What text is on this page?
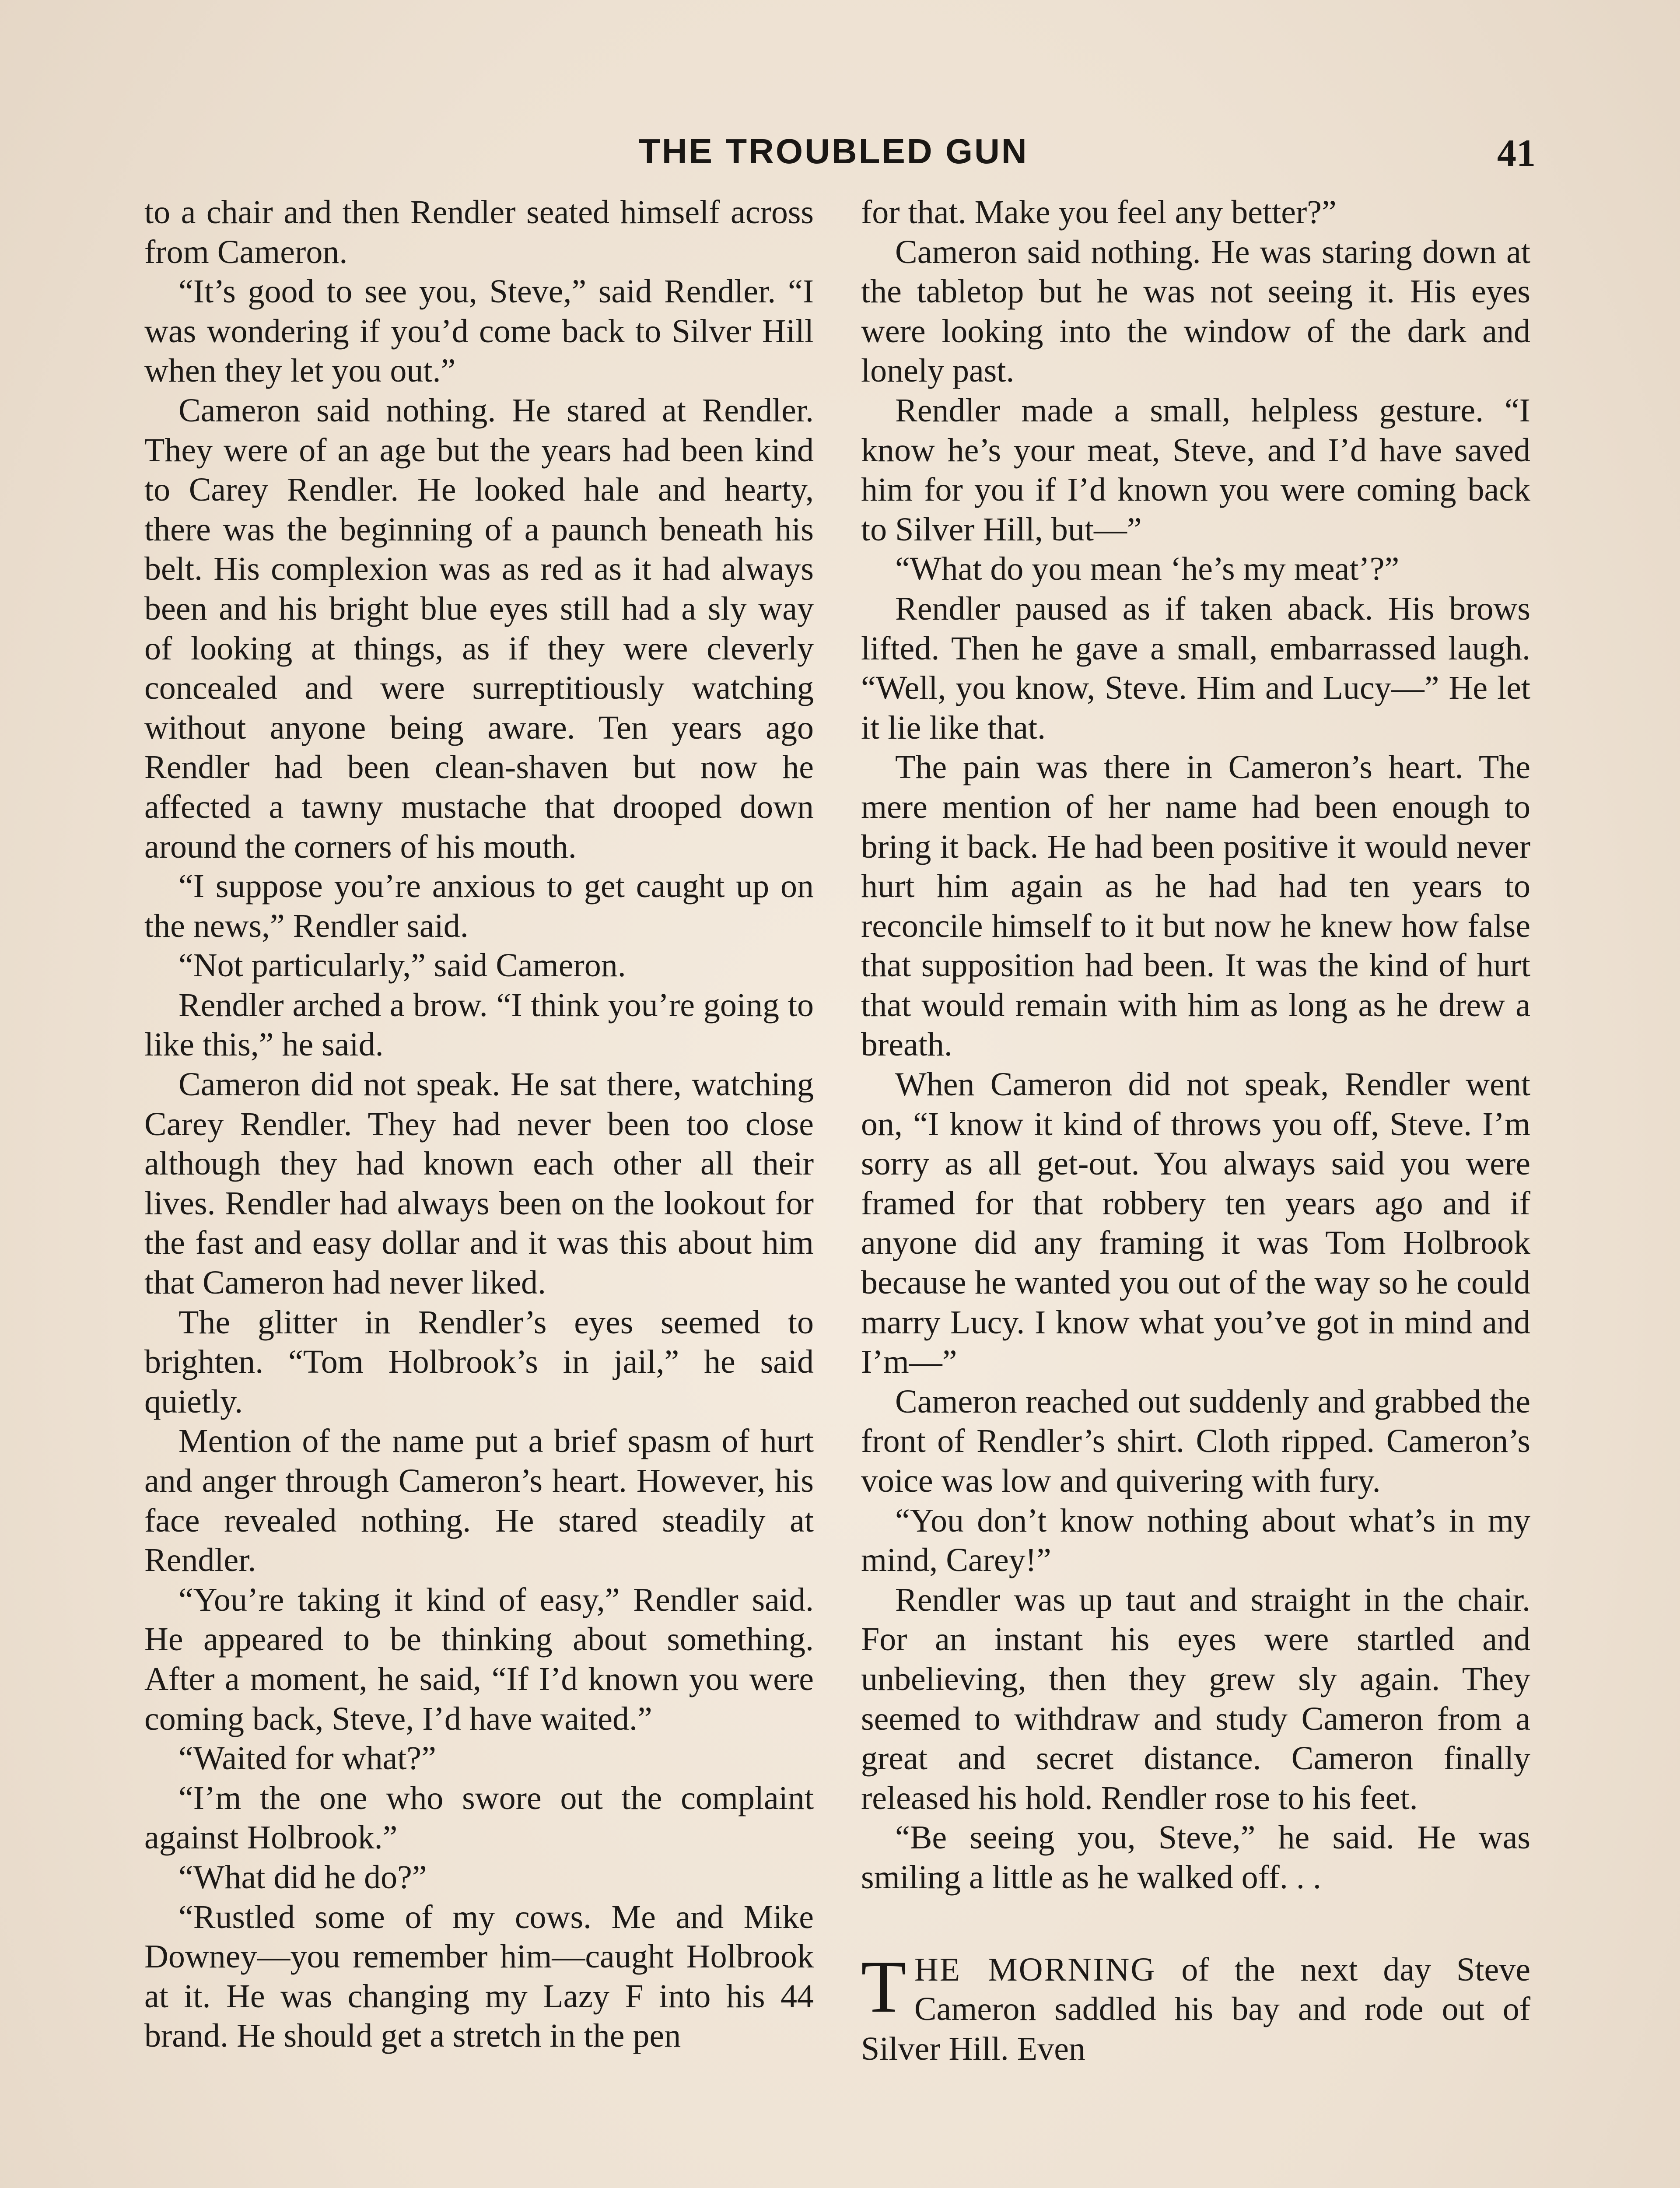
THE TROUBLED GUN	41

to a chair and then Rendler seated himself across from Cameron.

“It’s good to see you, Steve,” said Rendler. “I was wondering if you’d come back to Silver Hill when they let you out.”

Cameron said nothing. He stared at Rendler. They were of an age but the years had been kind to Carey Rendler. He looked hale and hearty, there was the beginning of a paunch beneath his belt. His complexion was as red as it had always been and his bright blue eyes still had a sly way of looking at things, as if they were cleverly concealed and were surreptitiously watching without anyone being aware. Ten years ago Rendler had been clean-shaven but now he affected a tawny mustache that drooped down around the corners of his mouth.

“I suppose you’re anxious to get caught up on the news,” Rendler said.

“Not particularly,” said Cameron.

Rendler arched a brow. “I think you’re going to like this,” he said.

Cameron did not speak. He sat there, watching Carey Rendler. They had never been too close although they had known each other all their lives. Rendler had always been on the lookout for the fast and easy dollar and it was this about him that Cameron had never liked.

The glitter in Rendler’s eyes seemed to brighten. “Tom Holbrook’s in jail,” he said quietly.

Mention of the name put a brief spasm of hurt and anger through Cameron’s heart. However, his face revealed nothing. He stared steadily at Rendler.

“You’re taking it kind of easy,” Rendler said. He appeared to be thinking about something. After a moment, he said, “If I’d known you were coming back, Steve, I’d have waited.”

“Waited for what?”

“I’m the one who swore out the complaint against Holbrook.”

“What did he do?”

“Rustled some of my cows. Me and Mike Downey—you remember him—caught Holbrook at it. He was changing my Lazy F into his 44 brand. He should get a stretch in the pen

for that. Make you feel any better?”

Cameron said nothing. He was staring down at the tabletop but he was not seeing it. His eyes were looking into the window of the dark and lonely past.

Rendler made a small, helpless gesture. “I know he’s your meat, Steve, and I’d have saved him for you if I’d known you were coming back to Silver Hill, but—”

“What do you mean ‘he’s my meat’?”

Rendler paused as if taken aback. His brows lifted. Then he gave a small, embarrassed laugh. “Well, you know, Steve. Him and Lucy—” He let it lie like that.

The pain was there in Cameron’s heart. The mere mention of her name had been enough to bring it back. He had been positive it would never hurt him again as he had had ten years to reconcile himself to it but now he knew how false that supposition had been. It was the kind of hurt that would remain with him as long as he drew a breath.

When Cameron did not speak, Rendler went on, “I know it kind of throws you off, Steve. I’m sorry as all get-out. You always said you were framed for that robbery ten years ago and if anyone did any framing it was Tom Holbrook because he wanted you out of the way so he could marry Lucy. I know what you’ve got in mind and I’m—”

Cameron reached out suddenly and grabbed the front of Rendler’s shirt. Cloth ripped. Cameron’s voice was low and quivering with fury.

“You don’t know nothing about what’s in my mind, Carey!”

Rendler was up taut and straight in the chair. For an instant his eyes were startled and unbelieving, then they grew sly again. They seemed to withdraw and study Cameron from a great and secret distance. Cameron finally released his hold. Rendler rose to his feet.

“Be seeing you, Steve,” he said. He was smiling a little as he walked off. . .

THE MORNING of the next day Steve Cameron saddled his bay and rode out of Silver Hill. Even
